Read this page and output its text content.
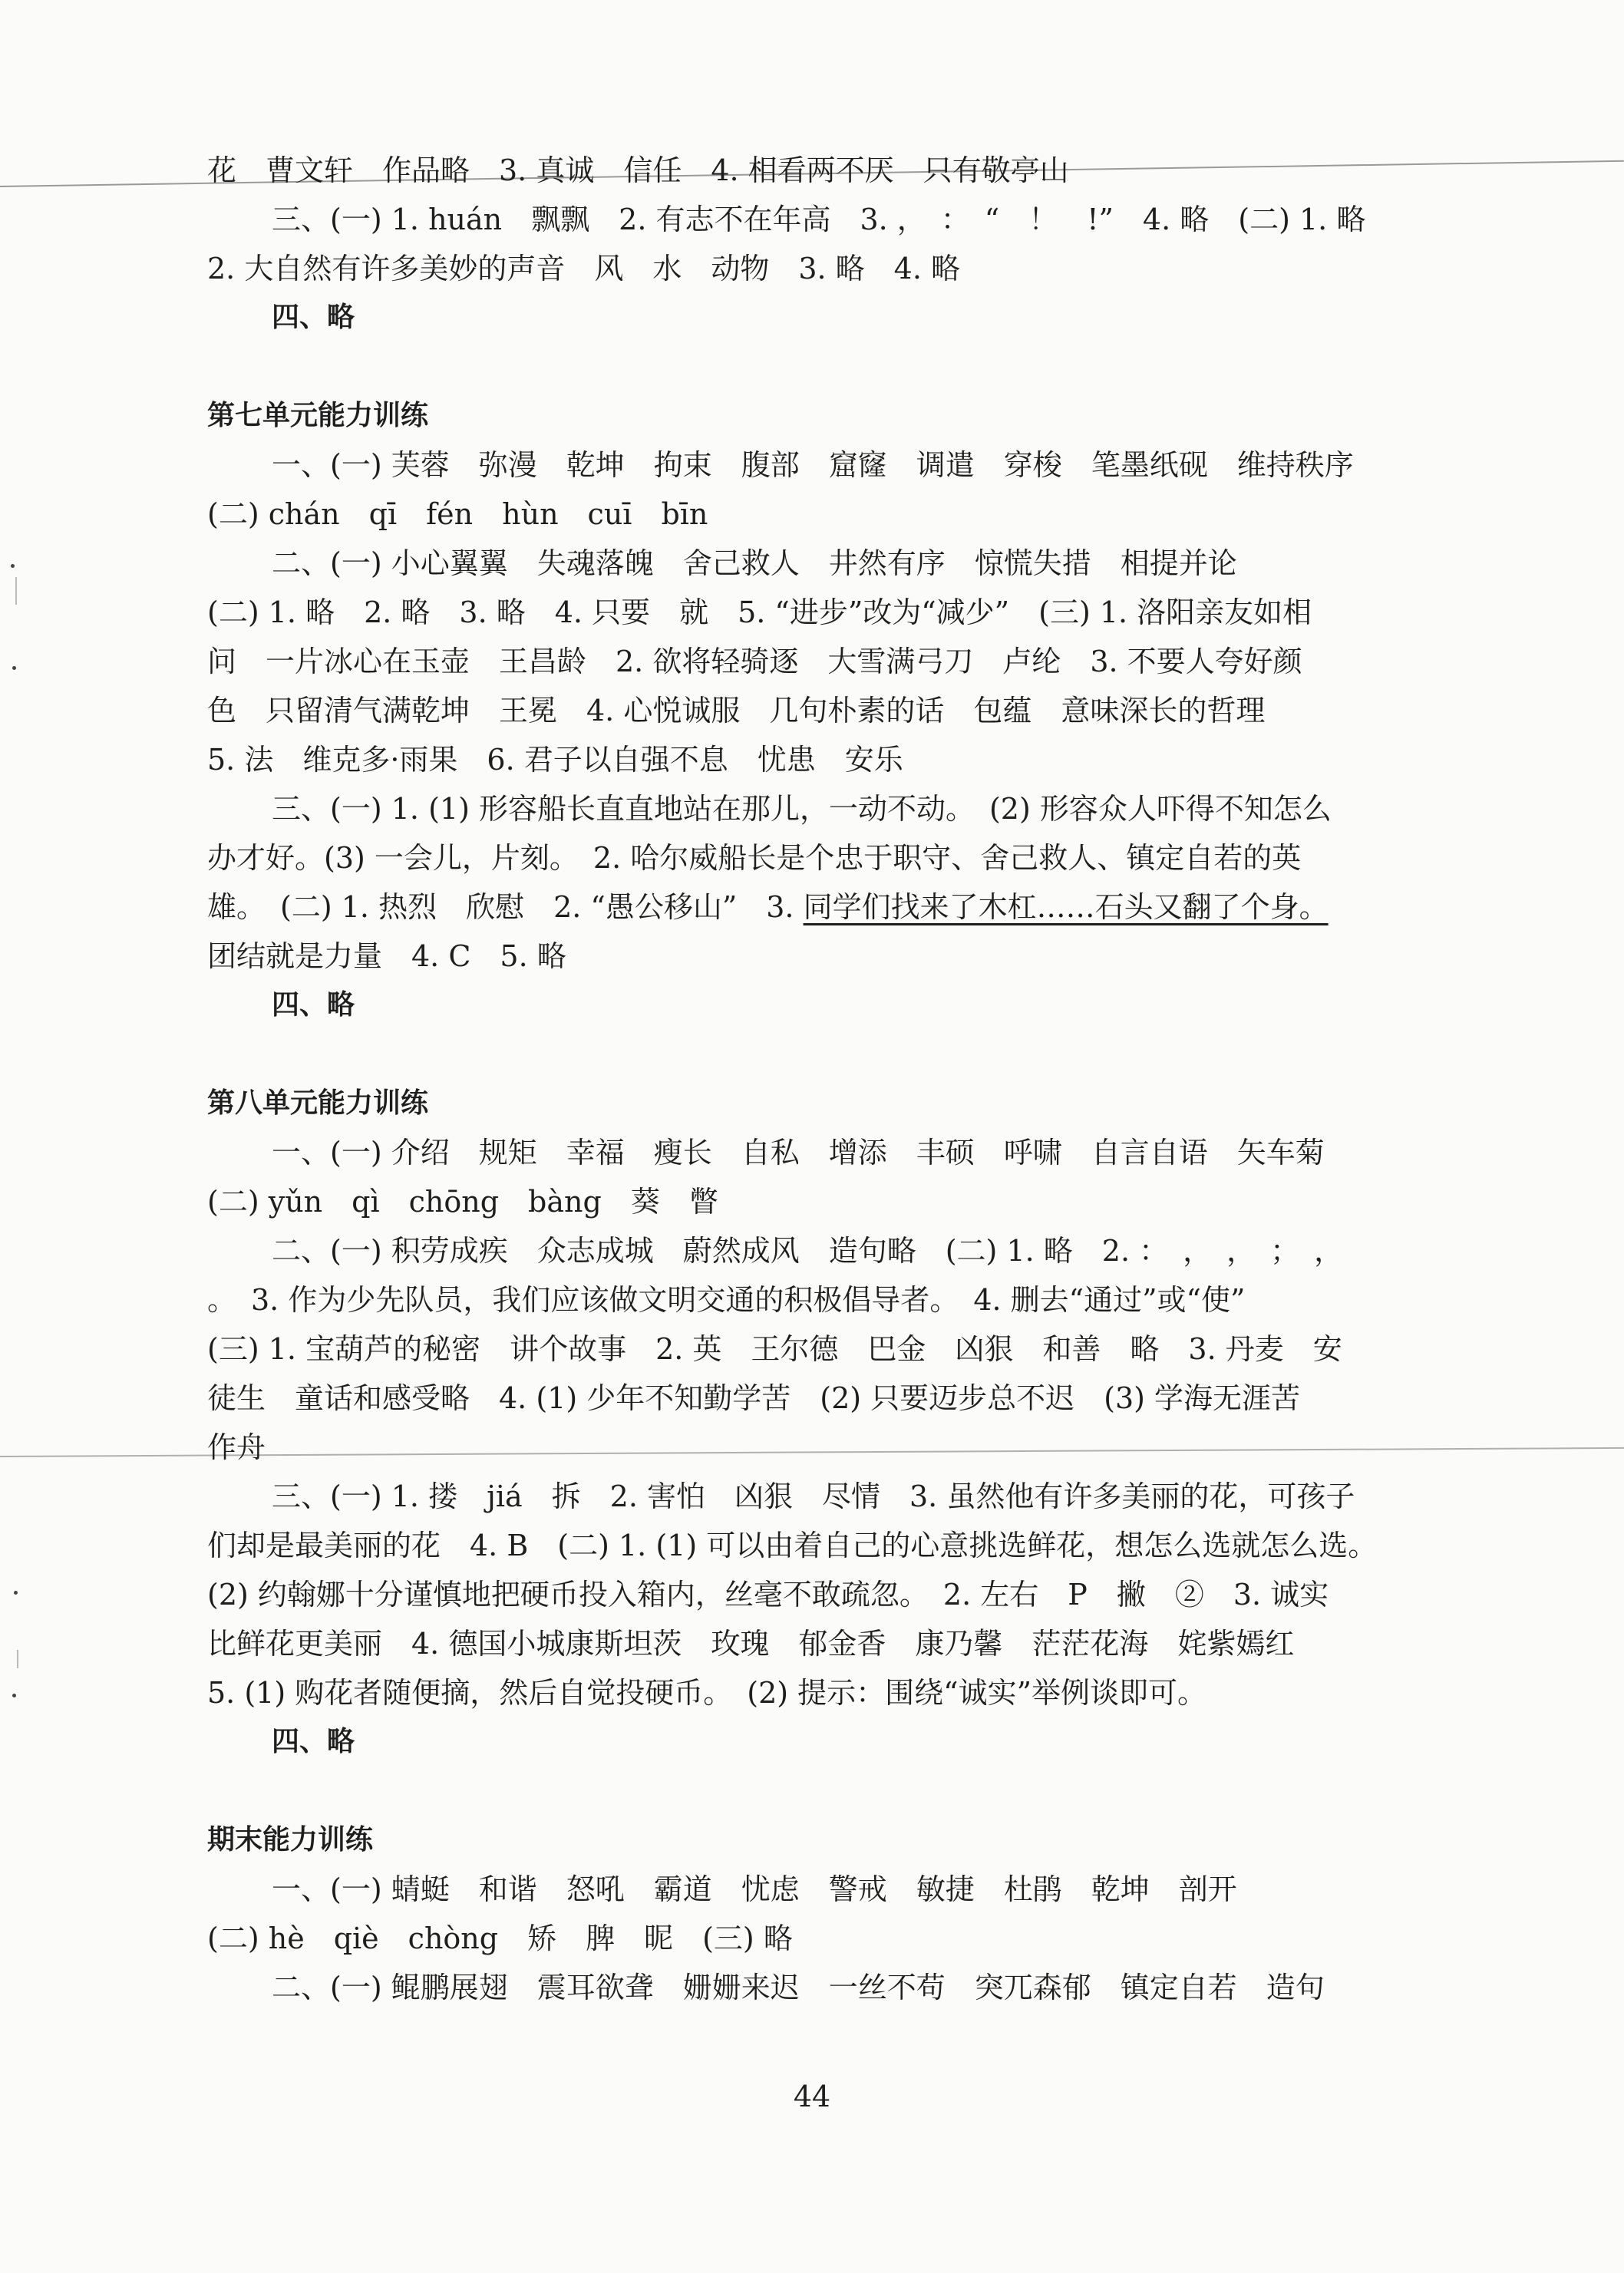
花　曹文轩　作品略　3. 真诚　信任　4. 相看两不厌　只有敬亭山
三、(一) 1. huán　飘飘　2. 有志不在年高　3. ，　：　“　！　!”　4. 略　(二) 1. 略
2. 大自然有许多美妙的声音　风　水　动物　3. 略　4. 略
四、略
第七单元能力训练
一、(一) 芙蓉　弥漫　乾坤　拘束　腹部　窟窿　调遣　穿梭　笔墨纸砚　维持秩序
(二) chán　qī　fén　hùn　cuī　bīn
二、(一) 小心翼翼　失魂落魄　舍己救人　井然有序　惊慌失措　相提并论
(二) 1. 略　2. 略　3. 略　4. 只要　就　5. “进步”改为“减少”　(三) 1. 洛阳亲友如相
问　一片冰心在玉壶　王昌龄　2. 欲将轻骑逐　大雪满弓刀　卢纶　3. 不要人夸好颜
色　只留清气满乾坤　王冕　4. 心悦诚服　几句朴素的话　包蕴　意味深长的哲理
5. 法　维克多·雨果　6. 君子以自强不息　忧患　安乐
三、(一) 1. (1) 形容船长直直地站在那儿，一动不动。　(2) 形容众人吓得不知怎么
办才好。(3) 一会儿，片刻。　2. 哈尔威船长是个忠于职守、舍己救人、镇定自若的英
雄。　(二) 1. 热烈　欣慰　2. “愚公移山”　3. 同学们找来了木杠……石头又翻了个身。
团结就是力量　4. C　5. 略
四、略
第八单元能力训练
一、(一) 介绍　规矩　幸福　瘦长　自私　增添　丰硕　呼啸　自言自语　矢车菊
(二) yǔn　qì　chōng　bàng　葵　瞥
二、(一) 积劳成疾　众志成城　蔚然成风　造句略　(二) 1. 略　2. ：　，　，　；　，
。　3. 作为少先队员，我们应该做文明交通的积极倡导者。　4. 删去“通过”或“使”
(三) 1. 宝葫芦的秘密　讲个故事　2. 英　王尔德　巴金　凶狠　和善　略　3. 丹麦　安
徒生　童话和感受略　4. (1) 少年不知勤学苦　(2) 只要迈步总不迟　(3) 学海无涯苦
作舟
三、(一) 1. 搂　jiá　拆　2. 害怕　凶狠　尽情　3. 虽然他有许多美丽的花，可孩子
们却是最美丽的花　4. B　(二) 1. (1) 可以由着自己的心意挑选鲜花，想怎么选就怎么选。
(2) 约翰娜十分谨慎地把硬币投入箱内，丝毫不敢疏忽。　2. 左右　P　撇　②　3. 诚实
比鲜花更美丽　4. 德国小城康斯坦茨　玫瑰　郁金香　康乃馨　茫茫花海　姹紫嫣红
5. (1) 购花者随便摘，然后自觉投硬币。　(2) 提示：围绕“诚实”举例谈即可。
四、略
期末能力训练
一、(一) 蜻蜓　和谐　怒吼　霸道　忧虑　警戒　敏捷　杜鹃　乾坤　剖开
(二) hè　qiè　chòng　矫　脾　昵　(三) 略
二、(一) 鲲鹏展翅　震耳欲聋　姗姗来迟　一丝不苟　突兀森郁　镇定自若　造句
44
